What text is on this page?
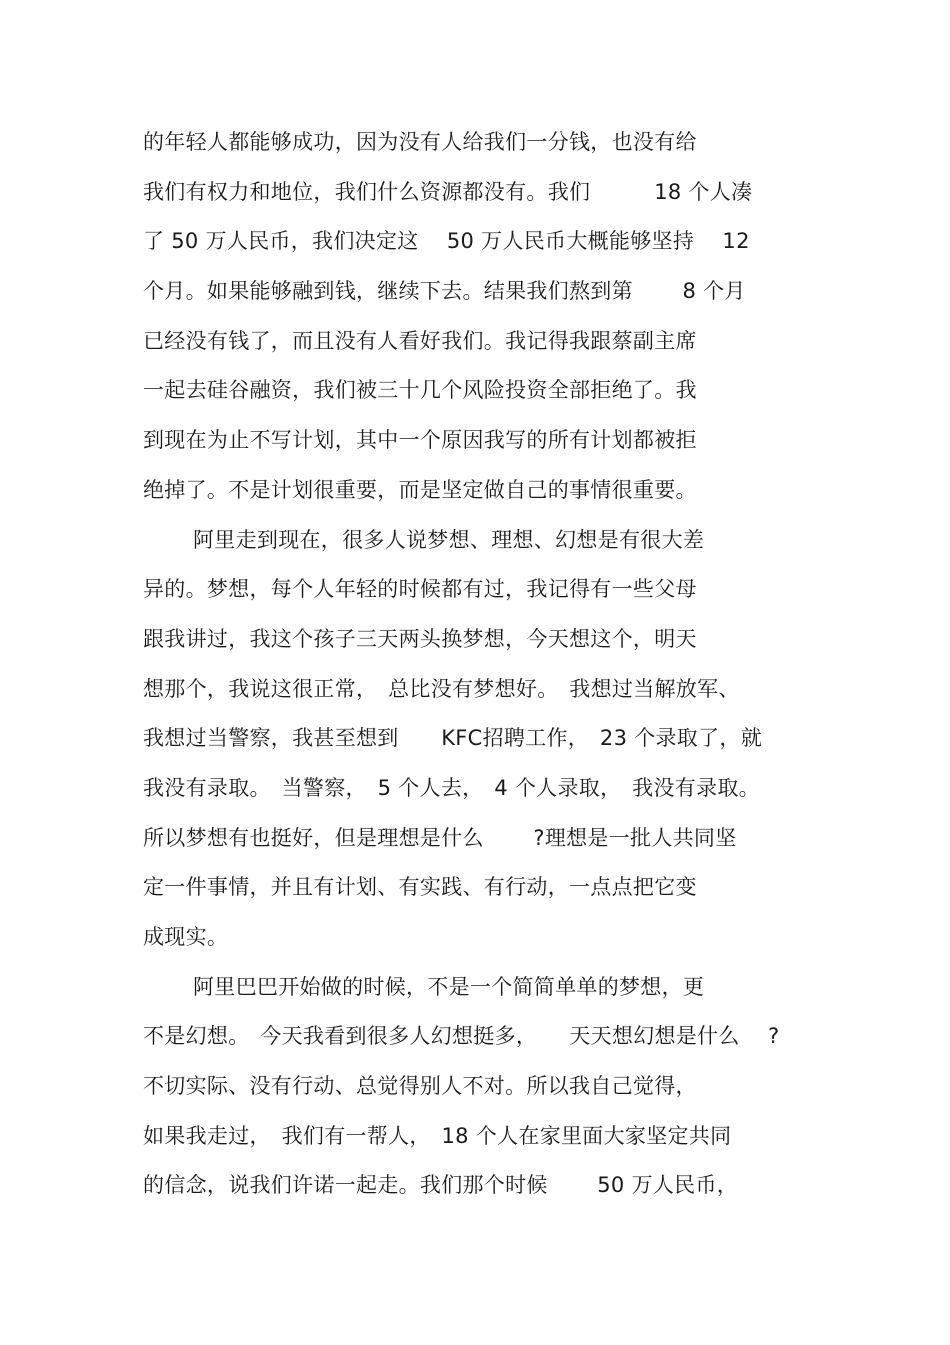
的年轻人都能够成功，因为没有人给我们一分钱，也没有给
我们有权力和地位，我们什么资源都没有。我们　　　18 个人凑
了 50 万人民币，我们决定这　 50 万人民币大概能够坚持　 12
个月。如果能够融到钱，继续下去。结果我们熬到第　　 8 个月
已经没有钱了，而且没有人看好我们。我记得我跟蔡副主席
一起去硅谷融资，我们被三十几个风险投资全部拒绝了。我
到现在为止不写计划，其中一个原因我写的所有计划都被拒
绝掉了。不是计划很重要，而是坚定做自己的事情很重要。
阿里走到现在，很多人说梦想、理想、幻想是有很大差
异的。梦想，每个人年轻的时候都有过，我记得有一些父母
跟我讲过，我这个孩子三天两头换梦想，今天想这个，明天
想那个，我说这很正常，　总比没有梦想好。　我想过当解放军、
我想过当警察，我甚至想到　　KFC招聘工作，　23 个录取了，就
我没有录取。　当警察，　5 个人去，　4 个人录取，　我没有录取。
所以梦想有也挺好，但是理想是什么　　 ?理想是一批人共同坚
定一件事情，并且有计划、有实践、有行动，一点点把它变
成现实。
阿里巴巴开始做的时候，不是一个简简单单的梦想，更
不是幻想。　今天我看到很多人幻想挺多，　　天天想幻想是什么　 ?
不切实际、没有行动、总觉得别人不对。所以我自己觉得，
如果我走过，　我们有一帮人，　18 个人在家里面大家坚定共同
的信念，说我们许诺一起走。我们那个时候　　 50 万人民币，
